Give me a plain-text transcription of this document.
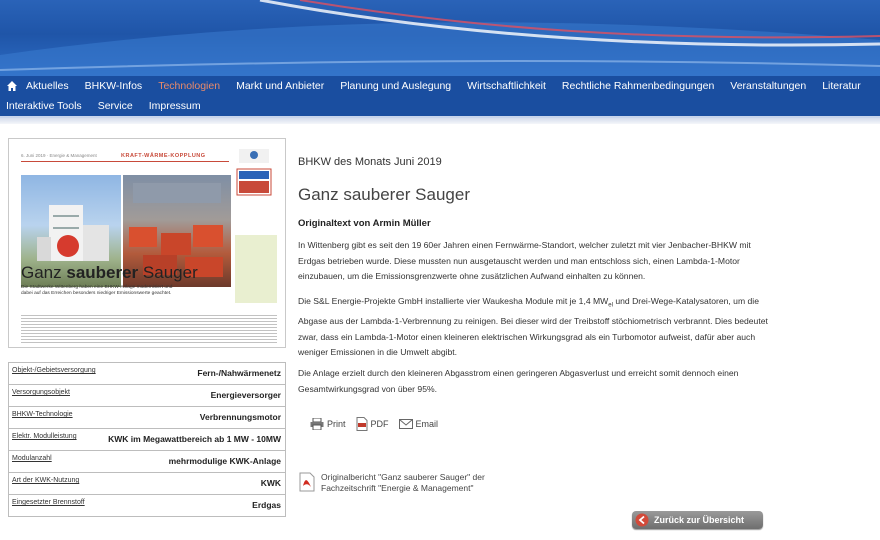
Aktuelles BHKW-Infos Technologien Markt und Anbieter Planung und Auslegung Wirtschaftlichkeit Rechtliche Rahmenbedingungen Veranstaltungen Literatur
Interaktive Tools Service Impressum
6. Juni 2019 · Energie & Management	KRAFT-WÄRME-KOPPLUNG
Ganz sauberer Sauger
Die Stadtwerke Wittenberg haben eine BHKW-Anlage modernisiert und dabei auf das Erreichen besonders niedriger Emissionswerte geachtet.
Objekt-/Gebietsversorgung	Fern-/Nahwärmenetz
Versorgungsobjekt	Energieversorger
BHKW-Technologie	Verbrennungsmotor
Elektr. Modulleistung	KWK im Megawattbereich ab 1 MW - 10MW
Modulanzahl	mehrmodulige KWK-Anlage
Art der KWK-Nutzung	KWK
Eingesetzter Brennstoff	Erdgas
BHKW des Monats Juni 2019
Ganz sauberer Sauger
Originaltext von Armin Müller

In Wittenberg gibt es seit den 19 60er Jahren einen Fernwärme-Standort, welcher zuletzt mit vier Jenbacher-BHKW mit Erdgas betrieben wurde. Diese mussten nun ausgetauscht werden und man entschloss sich, einen Lambda-1-Motor einzubauen, um die Emissionsgrenzwerte ohne zusätzlichen Aufwand einhalten zu können.

Die S&L Energie-Projekte GmbH installierte vier Waukesha Module mit je 1,4 $MW_{el}$ und Drei-Wege-Katalysatoren, um die Abgase aus der Lambda-1-Verbrennung zu reinigen. Bei dieser wird der Treibstoff stöchiometrisch verbrannt. Dies bedeutet zwar, dass ein Lambda-1-Motor einen kleineren elektrischen Wirkungsgrad als ein Turbomotor aufweist, dafür aber auch weniger Emissionen in die Umwelt abgibt.

Die Anlage erzielt durch den kleineren Abgasstrom einen geringeren Abgasverlust und erreicht somit dennoch einen Gesamtwirkungsgrad von über 95%.

Print	PDF	Email
Originalbericht "Ganz sauberer Sauger" der Fachzeitschrift "Energie & Management"
Zurück zur Übersicht
